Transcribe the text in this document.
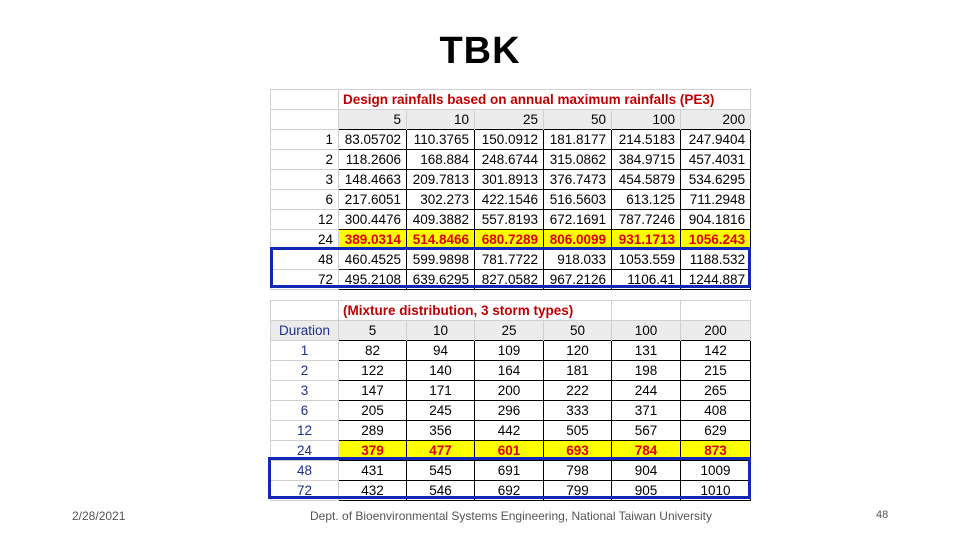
TBK
	Design rainfalls based on annual maximum rainfalls (PE3)					
	5	10	25	50	100	200
1	83.05702	110.3765	150.0912	181.8177	214.5183	247.9404
2	118.2606	168.884	248.6744	315.0862	384.9715	457.4031
3	148.4663	209.7813	301.8913	376.7473	454.5879	534.6295
6	217.6051	302.273	422.1546	516.5603	613.125	711.2948
12	300.4476	409.3882	557.8193	672.1691	787.7246	904.1816
24	389.0314	514.8466	680.7289	806.0099	931.1713	1056.243
48	460.4525	599.9898	781.7722	918.033	1053.559	1188.532
72	495.2108	639.6295	827.0582	967.2126	1106.41	1244.887
	(Mixture distribution, 3 storm types)					
Duration	5	10	25	50	100	200
1	82	94	109	120	131	142
2	122	140	164	181	198	215
3	147	171	200	222	244	265
6	205	245	296	333	371	408
12	289	356	442	505	567	629
24	379	477	601	693	784	873
48	431	545	691	798	904	1009
72	432	546	692	799	905	1010
2/28/2021	Dept. of Bioenvironmental Systems Engineering, National Taiwan University	48
